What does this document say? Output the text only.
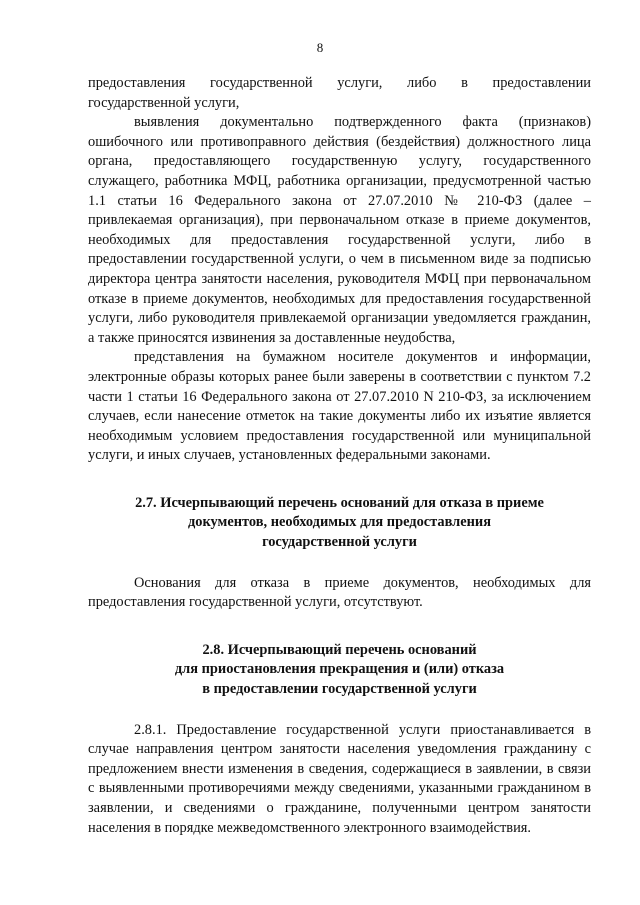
8

предоставления государственной услуги, либо в предоставлении государственной услуги,

выявления документально подтвержденного факта (признаков) ошибочного или противоправного действия (бездействия) должностного лица органа, предоставляющего государственную услугу, государственного служащего, работника МФЦ, работника организации, предусмотренной частью 1.1 статьи 16 Федерального закона от 27.07.2010 № 210-ФЗ (далее – привлекаемая организация), при первоначальном отказе в приеме документов, необходимых для предоставления государственной услуги, либо в предоставлении государственной услуги, о чем в письменном виде за подписью директора центра занятости населения, руководителя МФЦ при первоначальном отказе в приеме документов, необходимых для предоставления государственной услуги, либо руководителя привлекаемой организации уведомляется гражданин, а также приносятся извинения за доставленные неудобства,

представления на бумажном носителе документов и информации, электронные образы которых ранее были заверены в соответствии с пунктом 7.2 части 1 статьи 16 Федерального закона от 27.07.2010 N 210-ФЗ, за исключением случаев, если нанесение отметок на такие документы либо их изъятие является необходимым условием предоставления государственной или муниципальной услуги, и иных случаев, установленных федеральными законами.

2.7. Исчерпывающий перечень оснований для отказа в приеме
документов, необходимых для предоставления
государственной услуги

Основания для отказа в приеме документов, необходимых для предоставления государственной услуги, отсутствуют.

2.8. Исчерпывающий перечень оснований
для приостановления прекращения и (или) отказа
в предоставлении государственной услуги

2.8.1. Предоставление государственной услуги приостанавливается в случае направления центром занятости населения уведомления гражданину с предложением внести изменения в сведения, содержащиеся в заявлении, в связи с выявленными противоречиями между сведениями, указанными гражданином в заявлении, и сведениями о гражданине, полученными центром занятости населения в порядке межведомственного электронного взаимодействия.
